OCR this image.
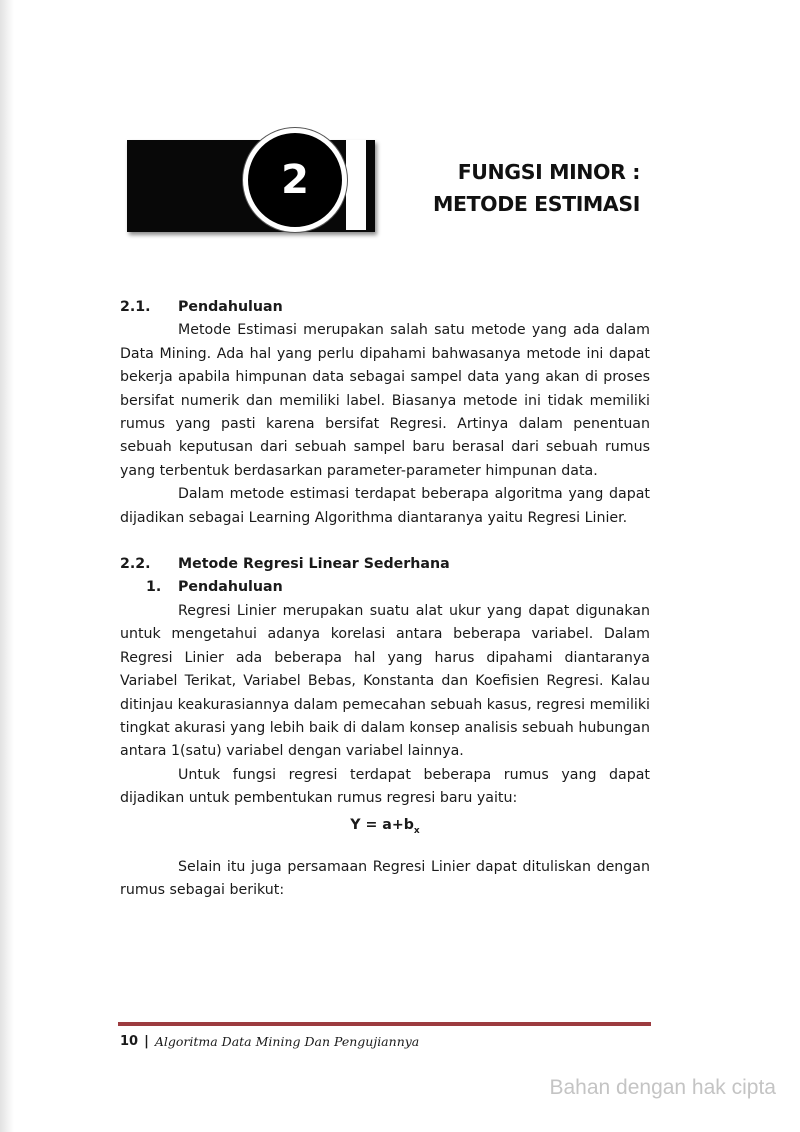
2	FUNGSI MINOR :
METODE ESTIMASI
2.1.	Pendahuluan

Metode Estimasi merupakan salah satu metode yang ada dalam Data Mining. Ada hal yang perlu dipahami bahwasanya metode ini dapat bekerja apabila himpunan data sebagai sampel data yang akan di proses bersifat numerik dan memiliki label. Biasanya metode ini tidak memiliki rumus yang pasti karena bersifat Regresi. Artinya dalam penentuan sebuah keputusan dari sebuah sampel baru berasal dari sebuah rumus yang terbentuk berdasarkan parameter-parameter himpunan data.

Dalam metode estimasi terdapat beberapa algoritma yang dapat dijadikan sebagai Learning Algorithma diantaranya yaitu Regresi Linier.

2.2.	Metode Regresi Linear Sederhana
1.	Pendahuluan

Regresi Linier merupakan suatu alat ukur yang dapat digunakan untuk mengetahui adanya korelasi antara beberapa variabel. Dalam Regresi Linier ada beberapa hal yang harus dipahami diantaranya Variabel Terikat, Variabel Bebas, Konstanta dan Koefisien Regresi. Kalau ditinjau keakurasiannya dalam pemecahan sebuah kasus, regresi memiliki tingkat akurasi yang lebih baik di dalam konsep analisis sebuah hubungan antara 1(satu) variabel dengan variabel lainnya.

Untuk fungsi regresi terdapat beberapa rumus yang dapat dijadikan untuk pembentukan rumus regresi baru yaitu:

$Y = a+b_x$

Selain itu juga persamaan Regresi Linier dapat dituliskan dengan rumus sebagai berikut:

10 | Algoritma Data Mining Dan Pengujiannya
Bahan dengan hak cipta
